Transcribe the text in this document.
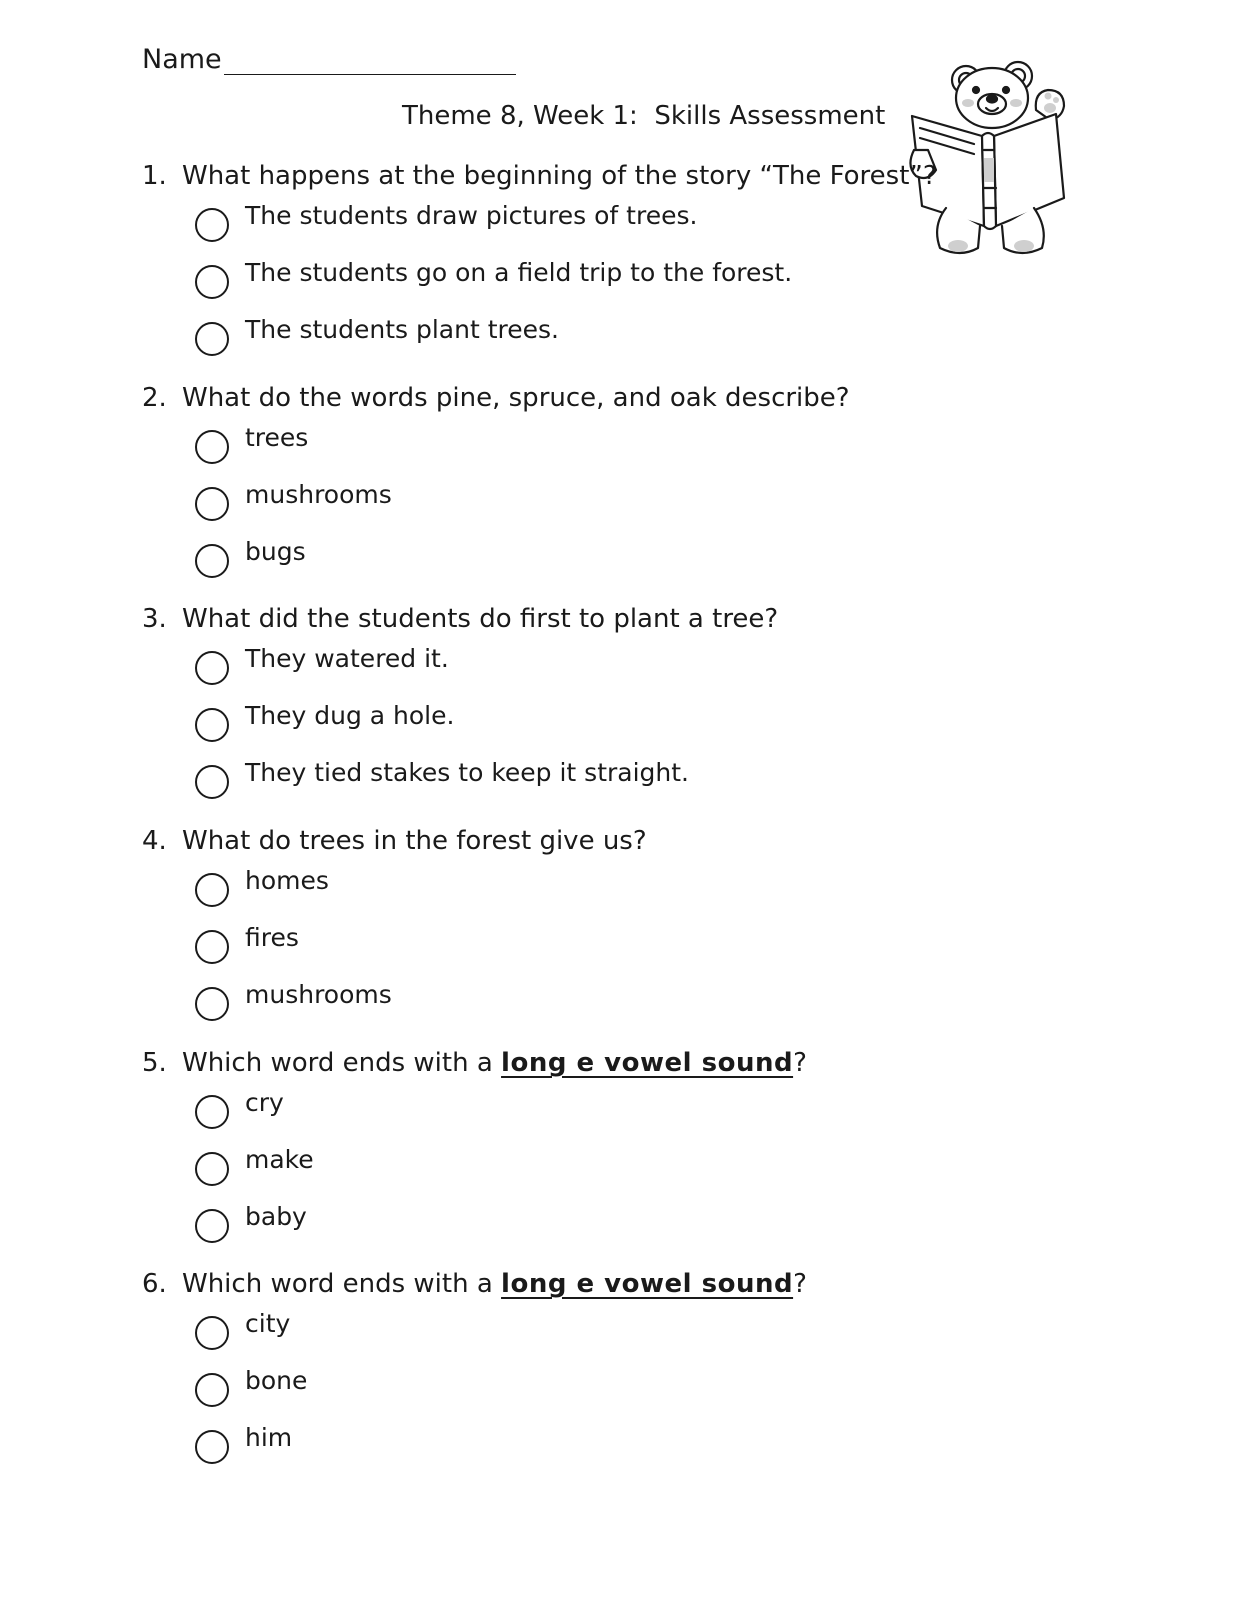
Name
Theme 8, Week 1:  Skills Assessment
1. What happens at the beginning of the story “The Forest”?
The students draw pictures of trees.
The students go on a field trip to the forest.
The students plant trees.
2. What do the words pine, spruce, and oak describe?
trees
mushrooms
bugs
3. What did the students do first to plant a tree?
They watered it.
They dug a hole.
They tied stakes to keep it straight.
4. What do trees in the forest give us?
homes
fires
mushrooms
5. Which word ends with a long e vowel sound?
cry
make
baby
6. Which word ends with a long e vowel sound?
city
bone
him
